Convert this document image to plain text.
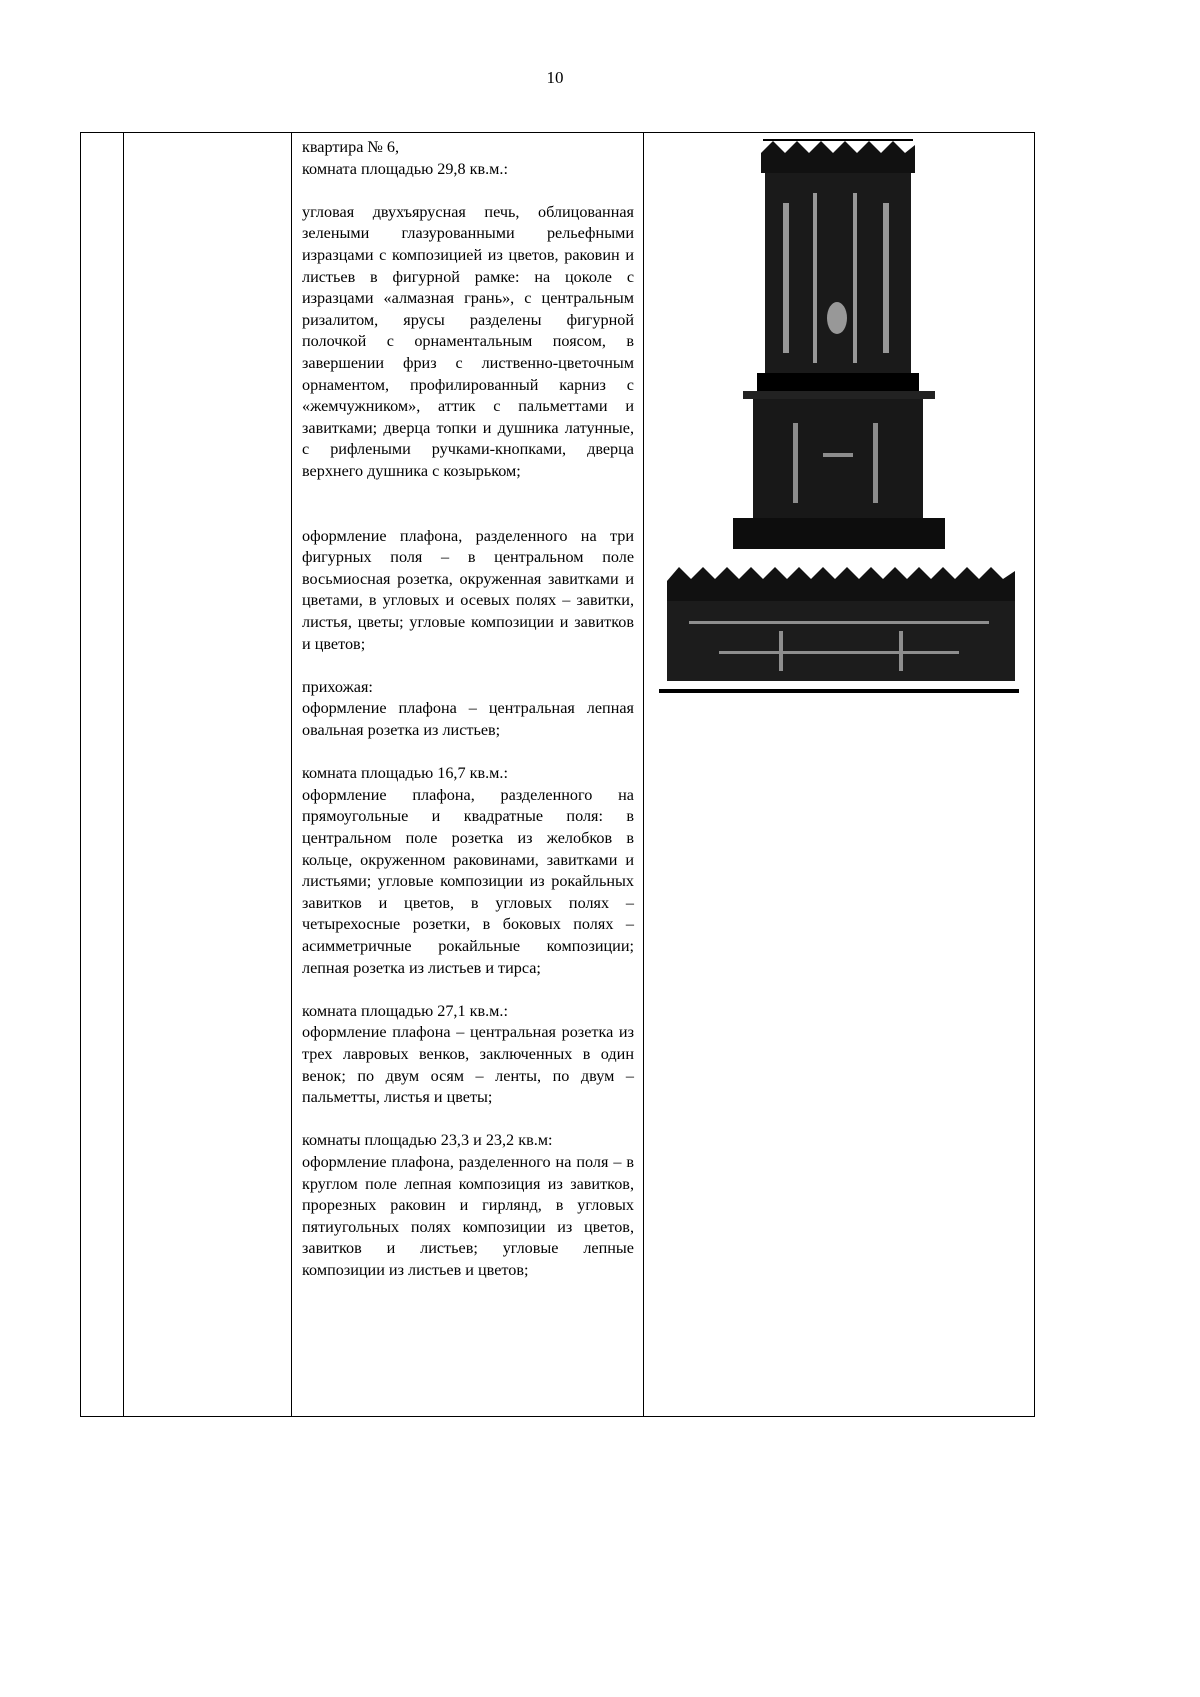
10
квартира № 6,
комната площадью 29,8 кв.м.:
угловая двухъярусная печь, облицованная зелеными глазурованными рельефными изразцами с композицией из цветов, раковин и листьев в фигурной рамке: на цоколе с изразцами «алмазная грань», с центральным ризалитом, ярусы разделены фигурной полочкой с орнаментальным поясом, в завершении фриз с лиственно-цветочным орнаментом, профилированный карниз с «жемчужником», аттик с пальметтами и завитками; дверца топки и душника латунные, с рифлеными ручками-кнопками, дверца верхнего душника с козырьком;
оформление плафона, разделенного на три фигурных поля – в центральном поле восьмиосная розетка, окруженная завитками и цветами, в угловых и осевых полях – завитки, листья, цветы; угловые композиции и завитков и цветов;
прихожая:
оформление плафона – центральная лепная овальная розетка из листьев;
комната площадью 16,7 кв.м.:
оформление плафона, разделенного на прямоугольные и квадратные поля: в центральном поле розетка из желобков в кольце, окруженном раковинами, завитками и листьями; угловые композиции из рокайльных завитков и цветов, в угловых полях – четырехосные розетки, в боковых полях – асимметричные рокайльные композиции; лепная розетка из листьев и тирса;
комната площадью 27,1 кв.м.:
оформление плафона – центральная розетка из трех лавровых венков, заключенных в один венок; по двум осям – ленты, по двум – пальметты, листья и цветы;
комнаты площадью 23,3 и 23,2 кв.м:
оформление плафона, разделенного на поля – в круглом поле лепная композиция из завитков, прорезных раковин и гирлянд, в угловых пятиугольных полях композиции из цветов, завитков и листьев; угловые лепные композиции из листьев и цветов;
